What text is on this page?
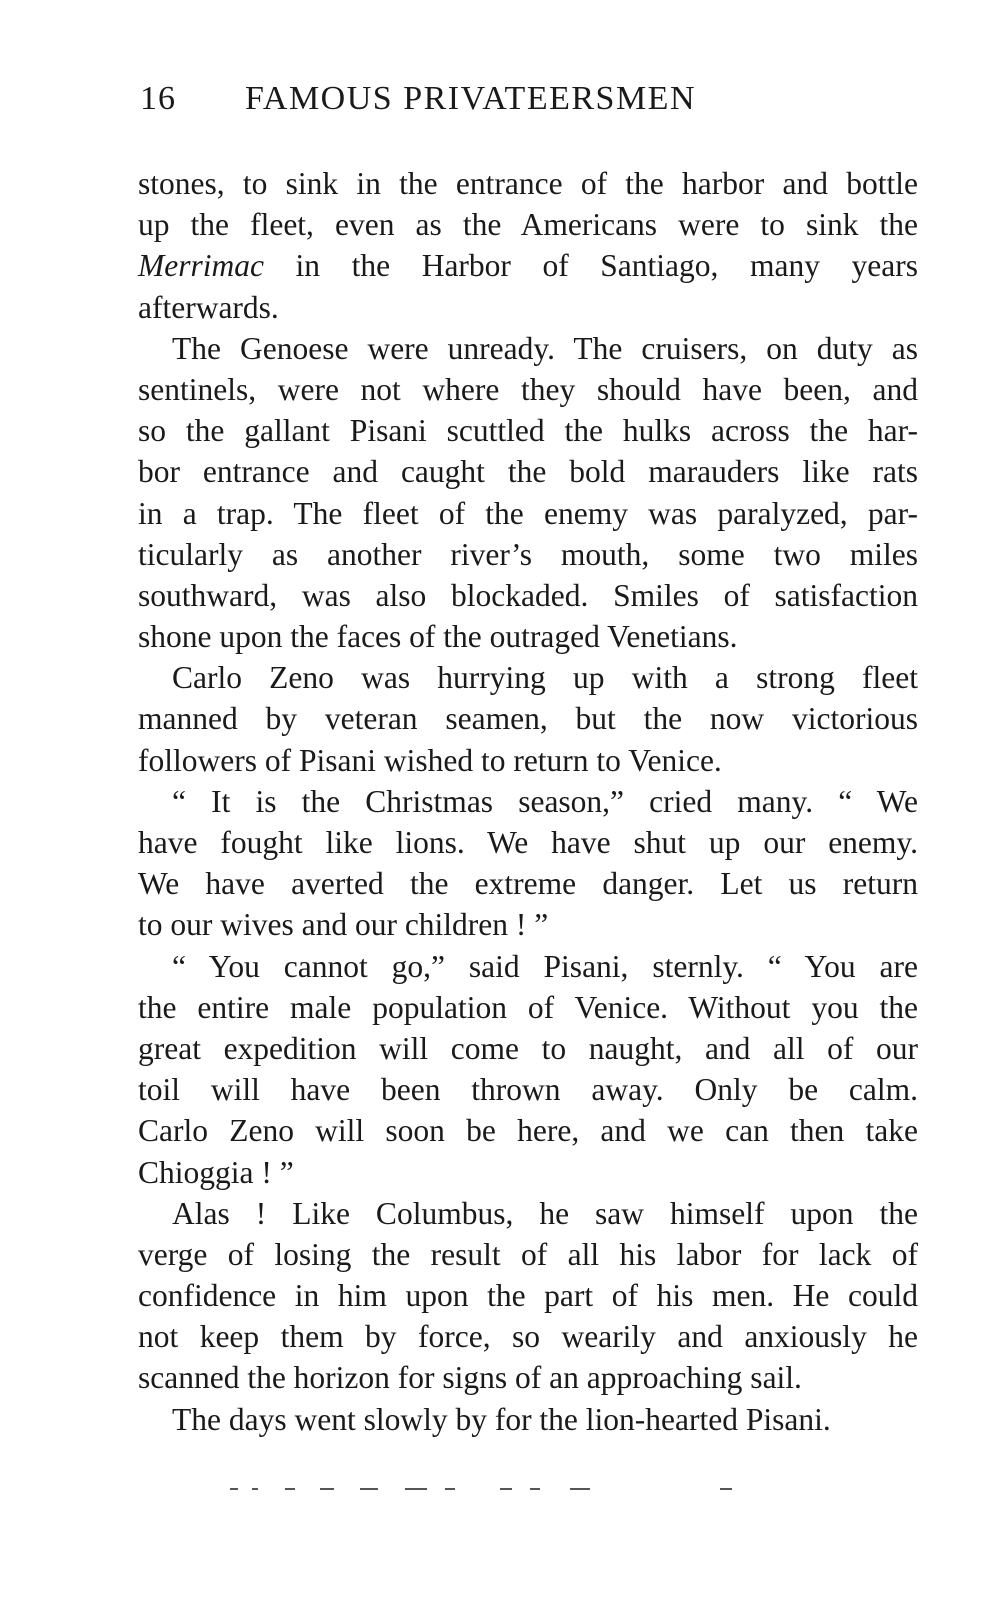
16 FAMOUS PRIVATEERSMEN
stones, to sink in the entrance of the harbor and bottle
up the fleet, even as the Americans were to sink the
Merrimac in the Harbor of Santiago, many years
afterwards.
The Genoese were unready. The cruisers, on duty as
sentinels, were not where they should have been, and
so the gallant Pisani scuttled the hulks across the har-
bor entrance and caught the bold marauders like rats
in a trap. The fleet of the enemy was paralyzed, par-
ticularly as another river’s mouth, some two miles
southward, was also blockaded. Smiles of satisfaction
shone upon the faces of the outraged Venetians.
Carlo Zeno was hurrying up with a strong fleet
manned by veteran seamen, but the now victorious
followers of Pisani wished to return to Venice.
“ It is the Christmas season,” cried many. “ We
have fought like lions. We have shut up our enemy.
We have averted the extreme danger. Let us return
to our wives and our children ! ”
“ You cannot go,” said Pisani, sternly. “ You are
the entire male population of Venice. Without you the
great expedition will come to naught, and all of our
toil will have been thrown away. Only be calm.
Carlo Zeno will soon be here, and we can then take
Chioggia ! ”
Alas ! Like Columbus, he saw himself upon the
verge of losing the result of all his labor for lack of
confidence in him upon the part of his men. He could
not keep them by force, so wearily and anxiously he
scanned the horizon for signs of an approaching sail.
The days went slowly by for the lion-hearted Pisani.
